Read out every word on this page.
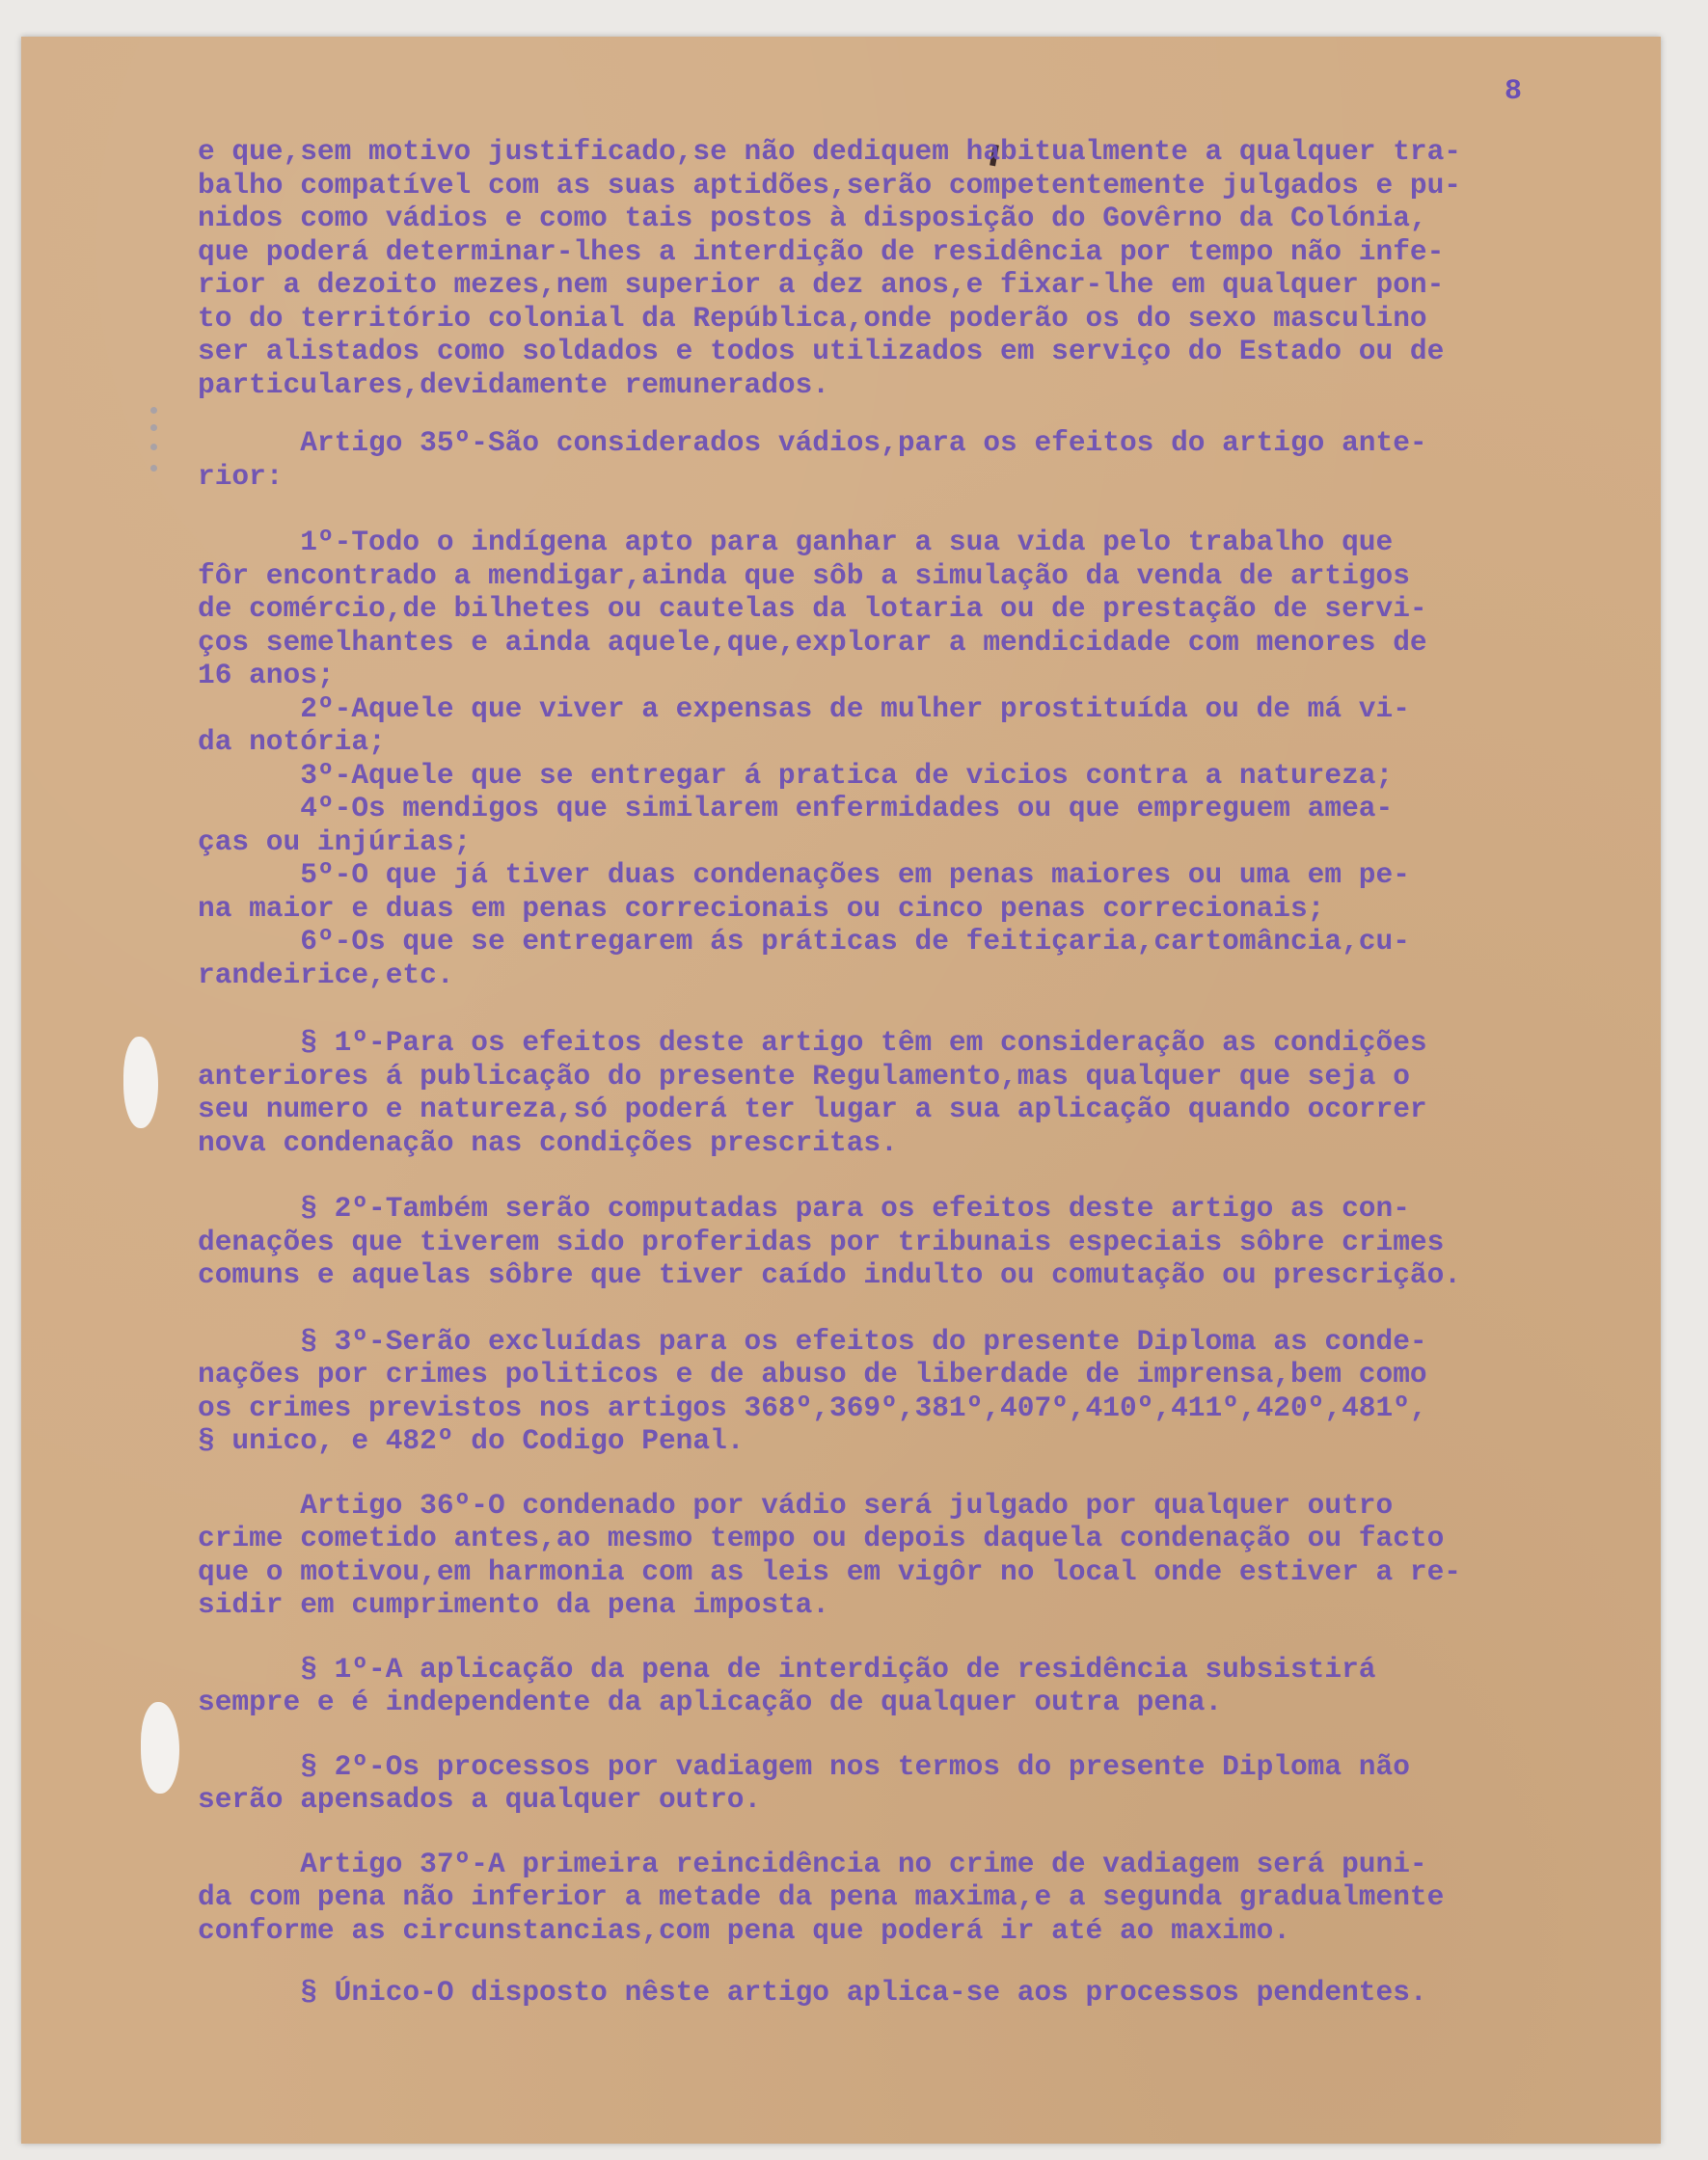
8
e que,sem motivo justificado,se não dediquem habitualmente a qualquer tra-
balho compatível com as suas aptidões,serão competentemente julgados e pu-
nidos como vádios e como tais postos à disposição do Govêrno da Colónia,
que poderá determinar-lhes a interdição de residência por tempo não infe-
rior a dezoito mezes,nem superior a dez anos,e fixar-lhe em qualquer pon-
to do território colonial da República,onde poderão os do sexo masculino
ser alistados como soldados e todos utilizados em serviço do Estado ou de
particulares,devidamente remunerados.
Artigo 35º-São considerados vádios,para os efeitos do artigo ante-
rior:
1º-Todo o indígena apto para ganhar a sua vida pelo trabalho que
fôr encontrado a mendigar,ainda que sôb a simulação da venda de artigos
de comércio,de bilhetes ou cautelas da lotaria ou de prestação de servi-
ços semelhantes e ainda aquele,que,explorar a mendicidade com menores de
16 anos;
2º-Aquele que viver a expensas de mulher prostituída ou de má vi-
da notória;
3º-Aquele que se entregar á pratica de vicios contra a natureza;
4º-Os mendigos que similarem enfermidades ou que empreguem amea-
ças ou injúrias;
5º-O que já tiver duas condenações em penas maiores ou uma em pe-
na maior e duas em penas correcionais ou cinco penas correcionais;
6º-Os que se entregarem ás práticas de feitiçaria,cartomância,cu-
randeirice,etc.
§ 1º-Para os efeitos deste artigo têm em consideração as condições
anteriores á publicação do presente Regulamento,mas qualquer que seja o
seu numero e natureza,só poderá ter lugar a sua aplicação quando ocorrer
nova condenação nas condições prescritas.
§ 2º-Também serão computadas para os efeitos deste artigo as con-
denações que tiverem sido proferidas por tribunais especiais sôbre crimes
comuns e aquelas sôbre que tiver caído indulto ou comutação ou prescrição.
§ 3º-Serão excluídas para os efeitos do presente Diploma as conde-
nações por crimes politicos e de abuso de liberdade de imprensa,bem como
os crimes previstos nos artigos 368º,369º,381º,407º,410º,411º,420º,481º,
§ unico, e 482º do Codigo Penal.
Artigo 36º-O condenado por vádio será julgado por qualquer outro
crime cometido antes,ao mesmo tempo ou depois daquela condenação ou facto
que o motivou,em harmonia com as leis em vigôr no local onde estiver a re-
sidir em cumprimento da pena imposta.
§ 1º-A aplicação da pena de interdição de residência subsistirá
sempre e é independente da aplicação de qualquer outra pena.
§ 2º-Os processos por vadiagem nos termos do presente Diploma não
serão apensados a qualquer outro.
Artigo 37º-A primeira reincidência no crime de vadiagem será puni-
da com pena não inferior a metade da pena maxima,e a segunda gradualmente
conforme as circunstancias,com pena que poderá ir até ao maximo.
§ Único-O disposto nêste artigo aplica-se aos processos pendentes.
